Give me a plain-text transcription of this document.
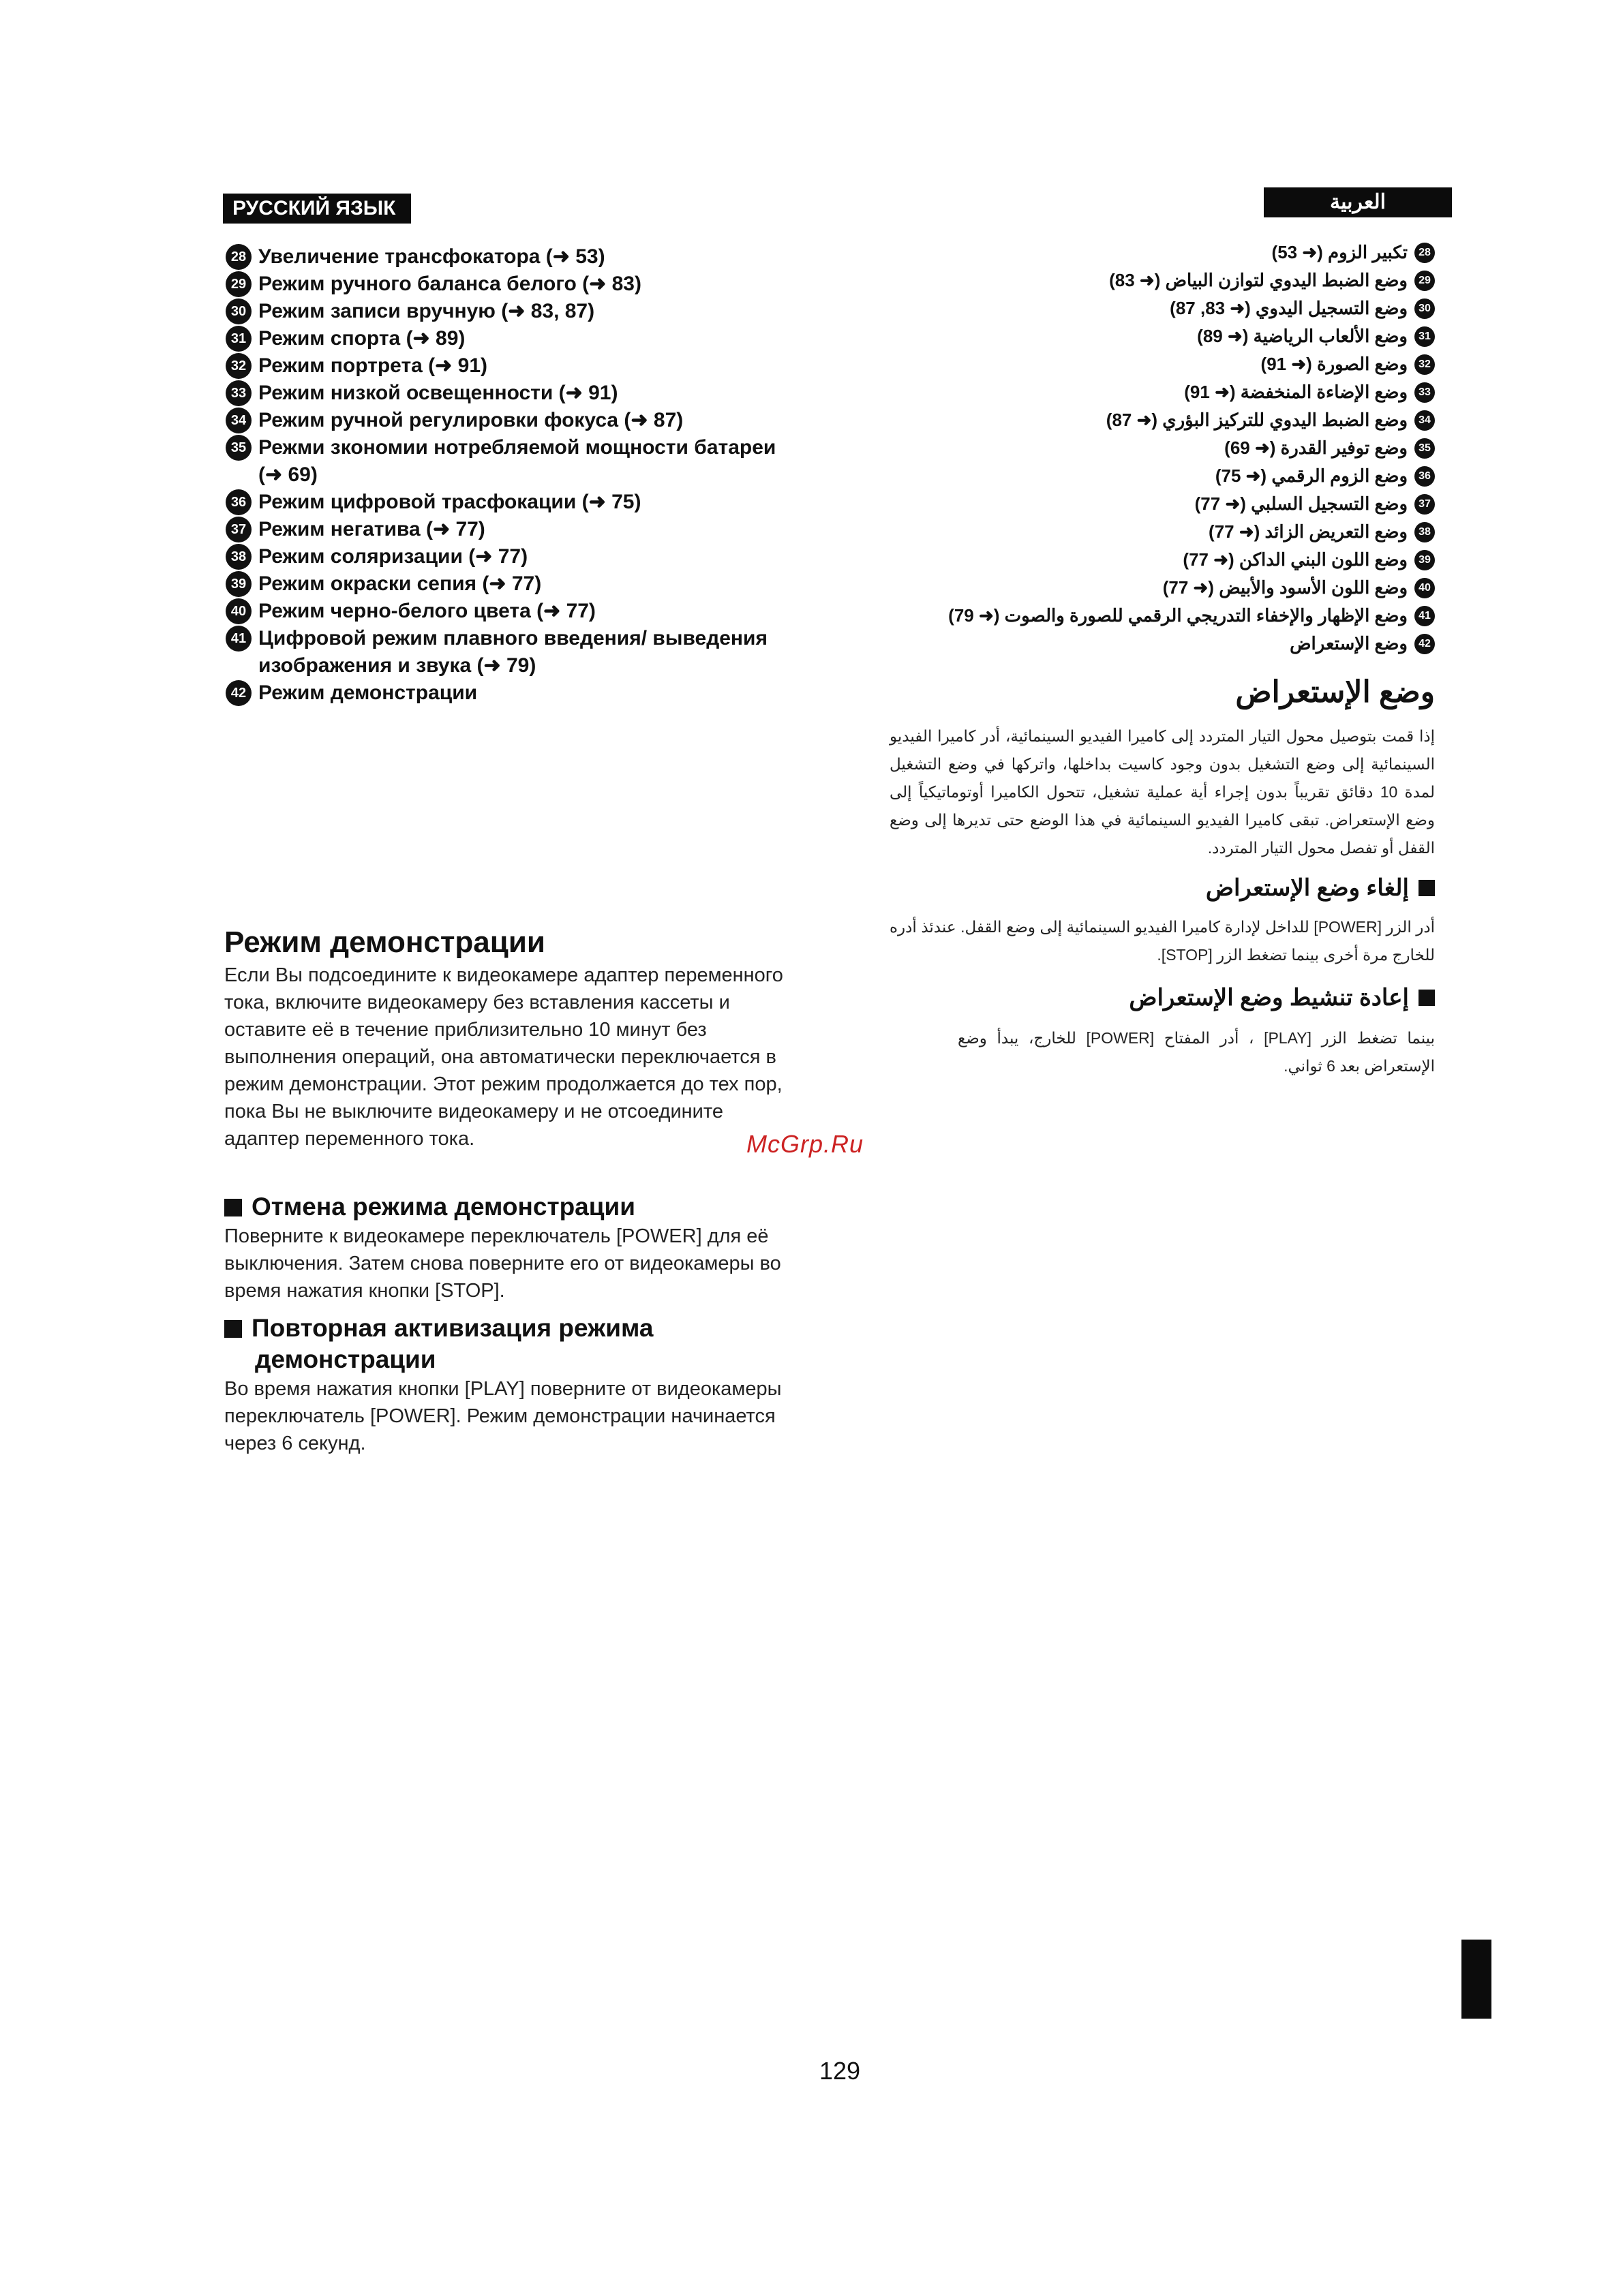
РУССКИЙ ЯЗЫК	العربية
28 Увеличение трансфокатора (➜ 53)
29 Режим ручного баланса белого (➜ 83)
30 Режим записи вручную (➜ 83, 87)
31 Режим спорта (➜ 89)
32 Режим портрета (➜ 91)
33 Режим низкой освещенности (➜ 91)
34 Режим ручной регулировки фокуса (➜ 87)
35 Режми зкономии нотребляемой мощности батареи (➜ 69)
36 Режим цифровой трасфокации (➜ 75)
37 Режим негатива (➜ 77)
38 Режим соляризации (➜ 77)
39 Режим окраски сепия (➜ 77)
40 Режим черно-белого цвета (➜ 77)
41 Цифровой режим плавного введения/ выведения изображения и звука (➜ 79)
42 Режим демонстрации
28
تكبير الزوم (➜ 53)
29
وضع الضبط اليدوي لتوازن البياض (➜ 83)
30
وضع التسجيل اليدوي (➜ 83, 87)
31
وضع الألعاب الرياضية (➜ 89)
32
وضع الصورة (➜ 91)
33
وضع الإضاءة المنخفضة (➜ 91)
34
وضع الضبط اليدوي للتركيز البؤري (➜ 87)
35
وضع توفير القدرة (➜ 69)
36
وضع الزوم الرقمي (➜ 75)
37
وضع التسجيل السلبي (➜ 77)
38
وضع التعريض الزائد (➜ 77)
39
وضع اللون البني الداكن (➜ 77)
40
وضع اللون الأسود والأبيض (➜ 77)
41
وضع الإظهار والإخفاء التدريجي الرقمي للصورة والصوت (➜ 79)
42
وضع الإستعراض
Режим демонстрации
Если Вы подсоедините к видеокамере адаптер переменного тока, включите видеокамеру без вставления кассеты и оставите её в течение приблизительно 10 минут без выполнения операций, она автоматически переключается в режим демонстрации. Этот режим продолжается до тех пор, пока Вы не выключите видеокамеру и не отсоедините адаптер переменного тока.
Отмена режима демонстрации
Поверните к видеокамере переключатель [POWER] для её выключения. Затем снова поверните его от видеокамеры во время нажатия кнопки [STOP].
Повторная активизация режима
демонстрации
Во время нажатия кнопки [PLAY] поверните от видеокамеры переключатель [POWER]. Режим демонстрации начинается через 6 секунд.
وضع الإستعراض
إذا قمت بتوصيل محول التيار المتردد إلى كاميرا الفيديو السينمائية، أدر كاميرا الفيديو السينمائية إلى وضع التشغيل بدون وجود كاسيت بداخلها، واتركها في وضع التشغيل لمدة 10 دقائق تقريباً بدون إجراء أية عملية تشغيل، تتحول الكاميرا أوتوماتيكياً إلى وضع الإستعراض. تبقى كاميرا الفيديو السينمائية في هذا الوضع حتى تديرها إلى وضع القفل أو تفصل محول التيار المتردد.
إلغاء وضع الإستعراض
أدر الزر [POWER] للداخل لإدارة كاميرا الفيديو السينمائية إلى وضع القفل. عندئذ أدره للخارج مرة أخرى بينما تضغط الزر [STOP].
إعادة تنشيط وضع الإستعراض
بينما تضغط الزر [PLAY] ، أدر المفتاح [POWER] للخارج، يبدأ وضع الإستعراض بعد 6 ثواني.
McGrp.Ru
129
